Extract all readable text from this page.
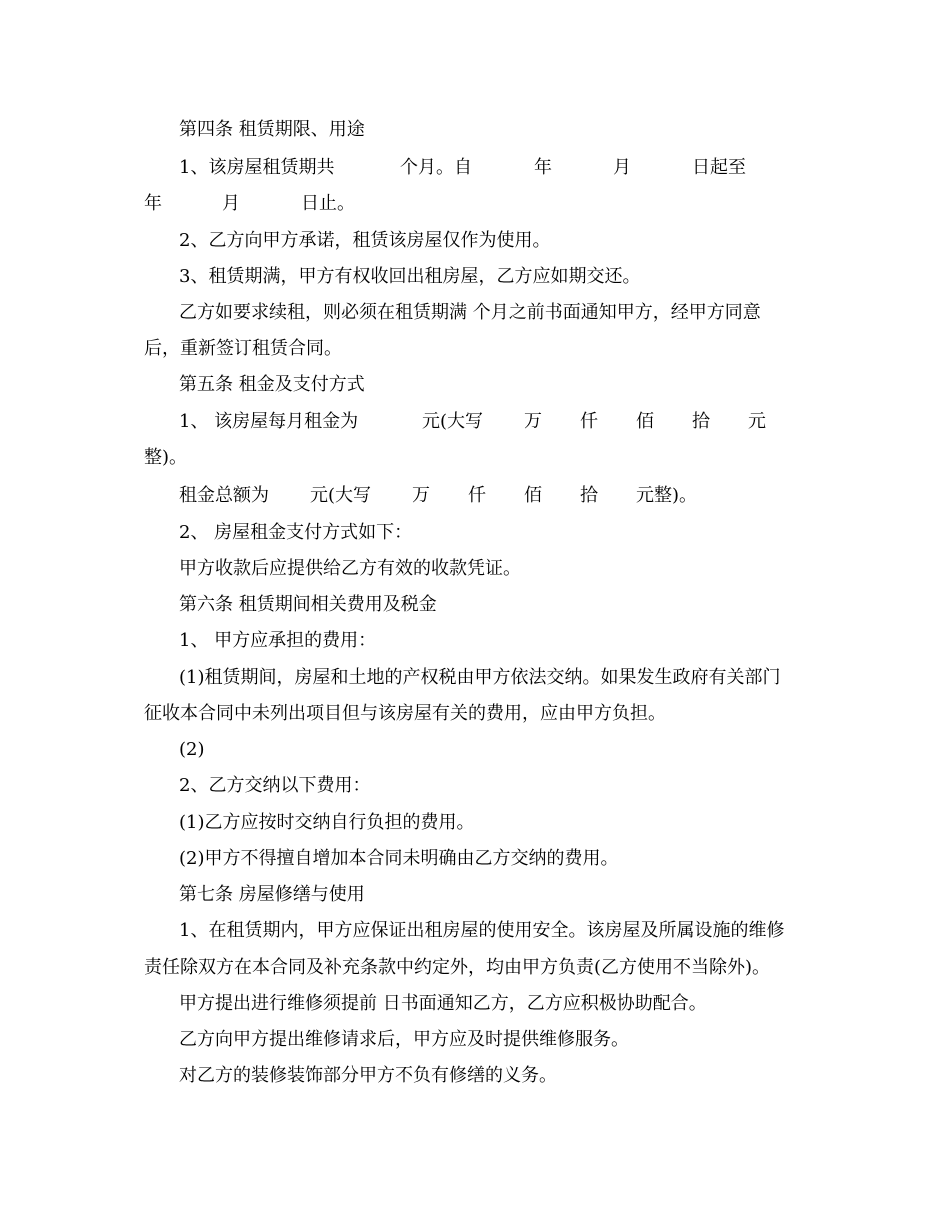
第四条 租赁期限、用途

1、该房屋租赁期共

	个月。自

	年

	月

	日起至

年

	月

	日止。

2、乙方向甲方承诺，租赁该房屋仅作为使用。
3、租赁期满，甲方有权收回出租房屋，乙方应如期交还。
乙方如要求续租，则必须在租赁期满 个月之前书面通知甲方，经甲方同意
后，重新签订租赁合同。
第五条 租金及支付方式

1、 该房屋每月租金为

	元(大写

万

仟

佰

拾

元

整)。

租金总额为

元(大写

万

仟

佰

拾

元整)。

2、 房屋租金支付方式如下：
甲方收款后应提供给乙方有效的收款凭证。
第六条 租赁期间相关费用及税金
1、 甲方应承担的费用：
(1)租赁期间，房屋和土地的产权税由甲方依法交纳。如果发生政府有关部门
征收本合同中未列出项目但与该房屋有关的费用，应由甲方负担。
(2)
2、乙方交纳以下费用：
(1)乙方应按时交纳自行负担的费用。
(2)甲方不得擅自增加本合同未明确由乙方交纳的费用。
第七条 房屋修缮与使用
1、在租赁期内，甲方应保证出租房屋的使用安全。该房屋及所属设施的维修
责任除双方在本合同及补充条款中约定外，均由甲方负责(乙方使用不当除外)。
甲方提出进行维修须提前 日书面通知乙方，乙方应积极协助配合。
乙方向甲方提出维修请求后，甲方应及时提供维修服务。
对乙方的装修装饰部分甲方不负有修缮的义务。
